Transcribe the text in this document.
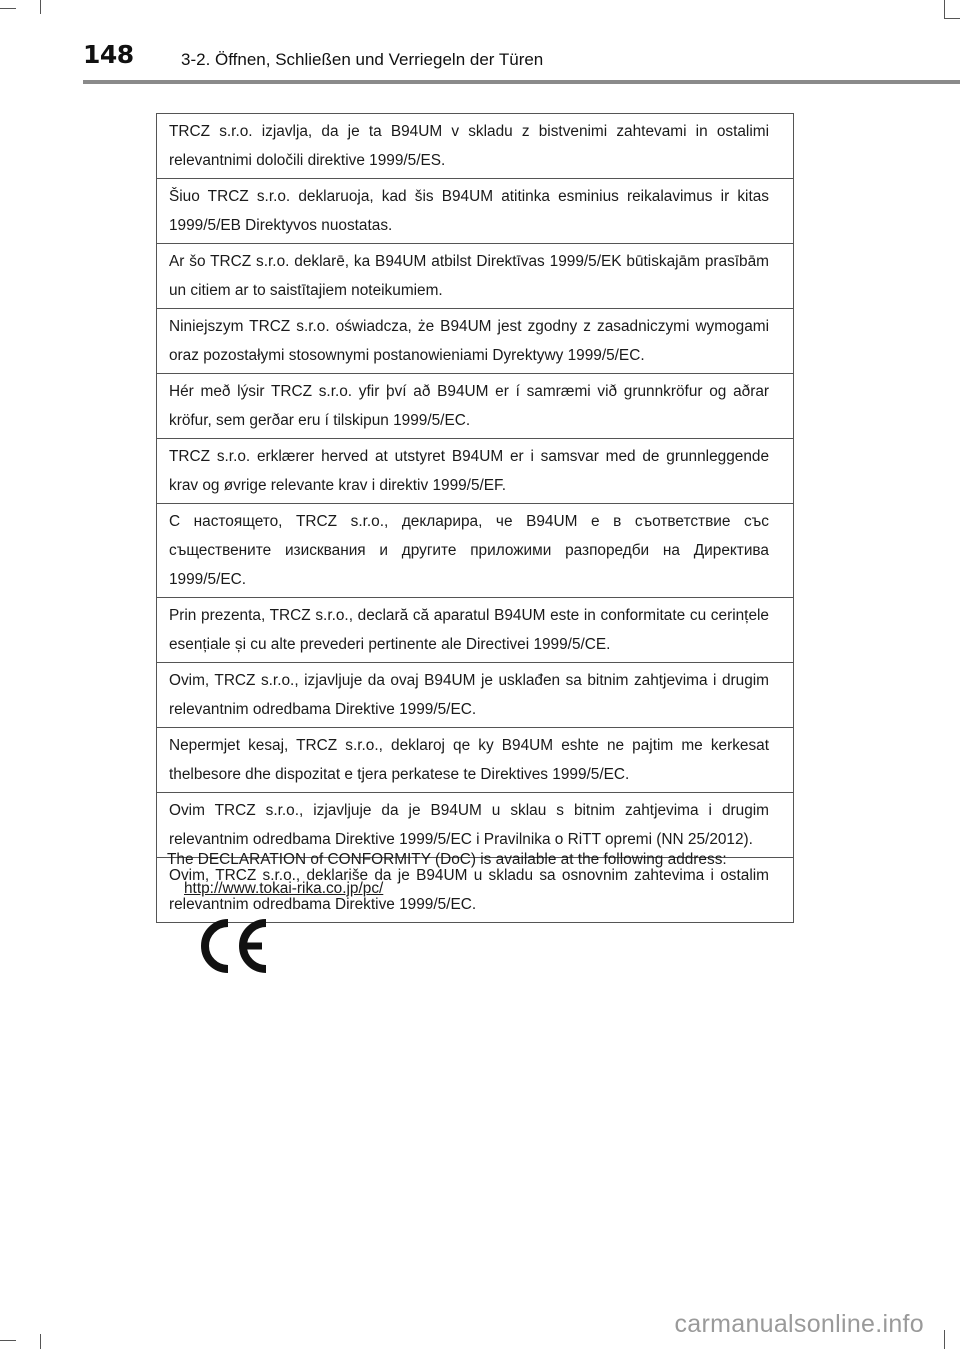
148	3-2. Öffnen, Schließen und Verriegeln der Türen
TRCZ s.r.o. izjavlja, da je ta B94UM v skladu z bistvenimi zahtevami in ostalimi relevantnimi določili direktive 1999/5/ES.
Šiuo TRCZ s.r.o. deklaruoja, kad šis B94UM atitinka esminius reikalavimus ir kitas 1999/5/EB Direktyvos nuostatas.
Ar šo TRCZ s.r.o. deklarē, ka B94UM atbilst Direktīvas 1999/5/EK būtiskajām prasībām un citiem ar to saistītajiem noteikumiem.
Niniejszym TRCZ s.r.o. oświadcza, że B94UM jest zgodny z zasadniczymi wymogami oraz pozostałymi stosownymi postanowieniami Dyrektywy 1999/5/EC.
Hér með lýsir TRCZ s.r.o. yfir því að B94UM er í samræmi við grunnkröfur og aðrar kröfur, sem gerðar eru í tilskipun 1999/5/EC.
TRCZ s.r.o. erklærer herved at utstyret B94UM er i samsvar med de grunnleggende krav og øvrige relevante krav i direktiv 1999/5/EF.
С настоящето, TRCZ s.r.o., декларира, че B94UM е в съответствие със съществените изисквания и другите приложими разпоредби на Директива 1999/5/EC.
Prin prezenta, TRCZ s.r.o., declară că aparatul B94UM este in conformitate cu cerințele esențiale și cu alte prevederi pertinente ale Directivei 1999/5/CE.
Ovim, TRCZ s.r.o., izjavljuje da ovaj B94UM je usklađen sa bitnim zahtjevima i drugim relevantnim odredbama Direktive 1999/5/EC.
Nepermjet kesaj, TRCZ s.r.o., deklaroj qe ky B94UM eshte ne pajtim me kerkesat thelbesore dhe dispozitat e tjera perkatese te Direktives 1999/5/EC.
Ovim TRCZ s.r.o., izjavljuje da je B94UM u sklau s bitnim zahtjevima i drugim relevantnim odredbama Direktive 1999/5/EC i Pravilnika o RiTT opremi (NN 25/2012).
Ovim, TRCZ s.r.o., deklariše da je B94UM u skladu sa osnovnim zahtevima i ostalim relevantnim odredbama Direktive 1999/5/EC.
The DECLARATION of CONFORMITY (DoC) is available at the following address:
http://www.tokai-rika.co.jp/pc/
carmanualsonline.info
